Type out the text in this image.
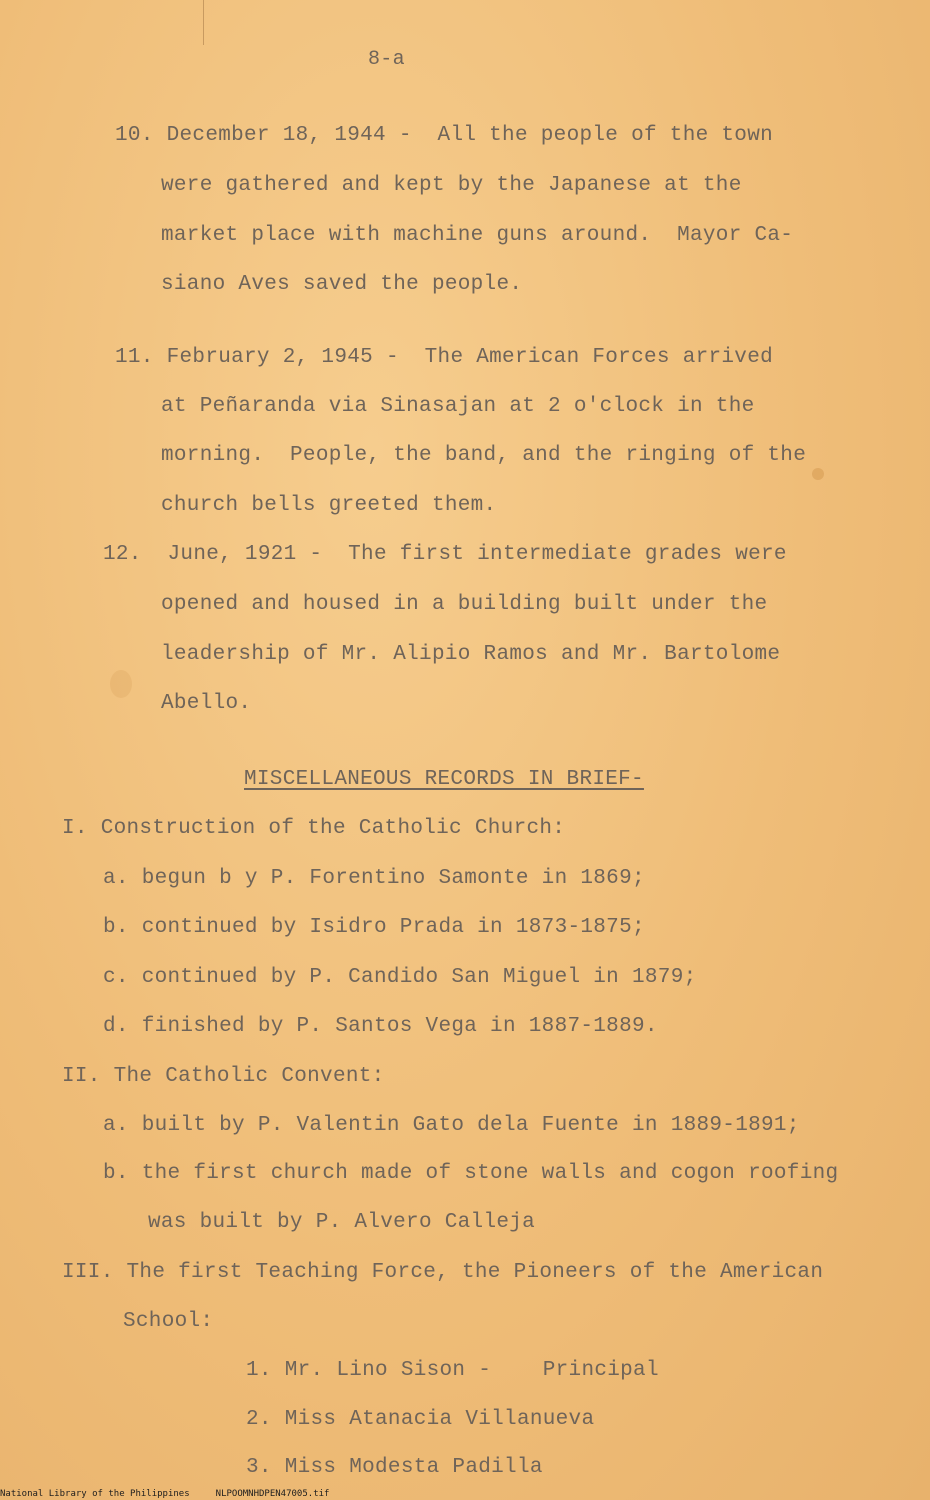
8-a
10. December 18, 1944 -  All the people of the town
were gathered and kept by the Japanese at the
market place with machine guns around.  Mayor Ca-
siano Aves saved the people.
11. February 2, 1945 -  The American Forces arrived
at Peñaranda via Sinasajan at 2 o'clock in the
morning.  People, the band, and the ringing of the
church bells greeted them.
12.  June, 1921 -  The first intermediate grades were
opened and housed in a building built under the
leadership of Mr. Alipio Ramos and Mr. Bartolome
Abello.
MISCELLANEOUS RECORDS IN BRIEF-
I. Construction of the Catholic Church:
a. begun b y P. Forentino Samonte in 1869;
b. continued by Isidro Prada in 1873-1875;
c. continued by P. Candido San Miguel in 1879;
d. finished by P. Santos Vega in 1887-1889.
II. The Catholic Convent:
a. built by P. Valentin Gato dela Fuente in 1889-1891;
b. the first church made of stone walls and cogon roofing
was built by P. Alvero Calleja
III. The first Teaching Force, the Pioneers of the American
School:
1. Mr. Lino Sison -    Principal
2. Miss Atanacia Villanueva
3. Miss Modesta Padilla
National Library of the Philippines	NLPOOMNHDPEN47005.tif
